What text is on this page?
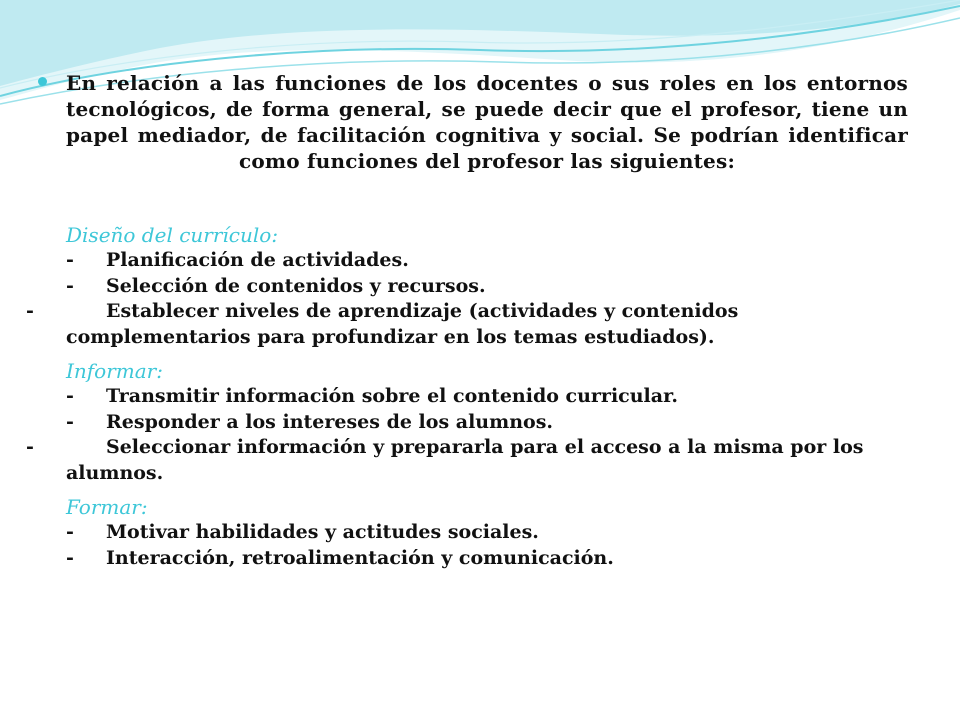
En relación a las funciones de los docentes o sus roles en los entornos tecnológicos, de forma general, se puede decir que el profesor, tiene un papel mediador, de facilitación cognitiva y social. Se podrían identificar como funciones del profesor las siguientes:

Diseño del currículo:
- Planificación de actividades.
- Selección de contenidos y recursos.
-	Establecer niveles de aprendizaje (actividades y contenidos complementarios para profundizar en los temas estudiados).
Informar:
- Transmitir información sobre el contenido curricular.
- Responder a los intereses de los alumnos.
-	Seleccionar información y prepararla para el acceso a la misma por los alumnos.
Formar:
- Motivar habilidades y actitudes sociales.
- Interacción, retroalimentación y comunicación.
